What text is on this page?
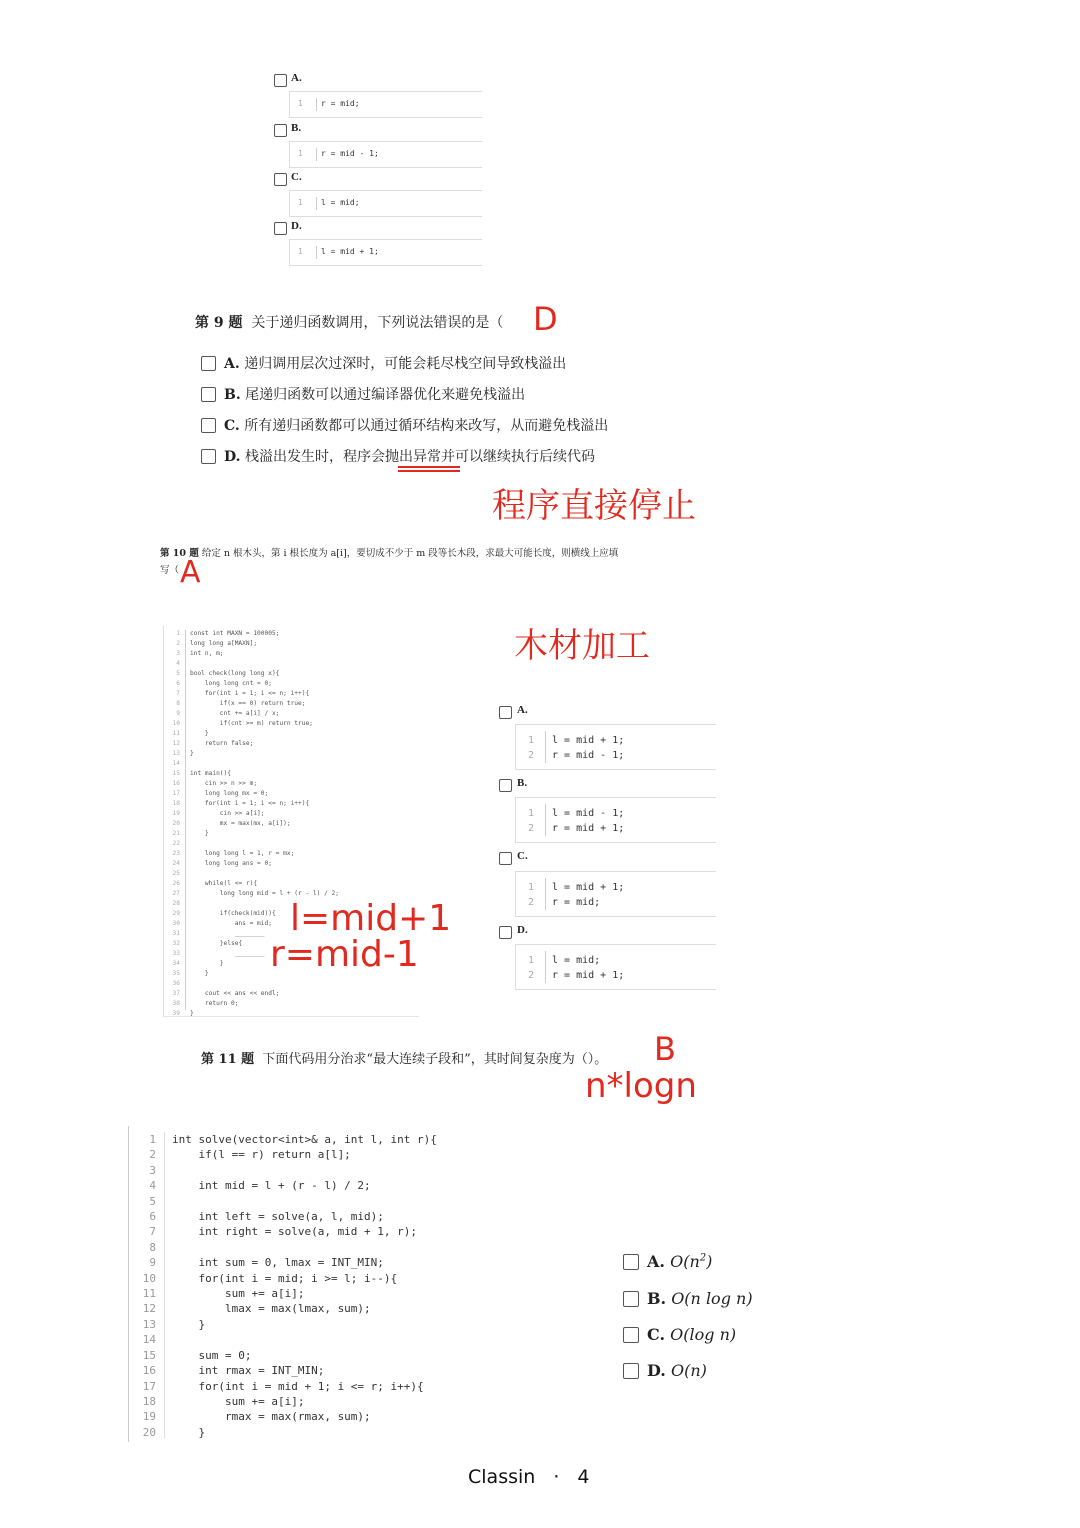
A.
1 r = mid;
B.
1 r = mid - 1;
C.
1 l = mid;
D.
1 l = mid + 1;
第 9 题 关于递归函数调用，下列说法错误的是（ D
A. 递归调用层次过深时，可能会耗尽栈空间导致栈溢出
B. 尾递归函数可以通过编译器优化来避免栈溢出
C. 所有递归函数都可以通过循环结构来改写，从而避免栈溢出
D. 栈溢出发生时，程序会抛出异常并可以继续执行后续代码
程序直接停止
第 10 题 给定 n 根木头，第 i 根长度为 a[i]，要切成不少于 m 段等长木段，求最大可能长度，则横线上应填
写（ A
1
2
3
4
5
6
7
8
9
10
11
12
13
14
15
16
17
18
19
20
21
22
23
24
25
26
27
28
29
30
31
32
33
34
35
36
37
38
39
const int MAXN = 100005;
long long a[MAXN];
int n, m;

bool check(long long x){
long long cnt = 0;
for(int i = 1; i <= n; i++){
if(x == 0) return true;
cnt += a[i] / x;
if(cnt >= m) return true;
}
return false;
}

int main(){
cin >> n >> m;
long long mx = 0;
for(int i = 1; i <= n; i++){
cin >> a[i];
mx = max(mx, a[i]);
}

long long l = 1, r = mx;
long long ans = 0;

while(l <= r){
long long mid = l + (r - l) / 2;

if(check(mid)){
ans = mid;
________
}else{
________
}
}

cout << ans << endl;
return 0;
}
木材加工
l=mid+1
r=mid-1
A.
1
2
l = mid + 1;
r = mid - 1;
B.
1
2
l = mid - 1;
r = mid + 1;
C.
1
2
l = mid + 1;
r = mid;
D.
1
2
l = mid;
r = mid + 1;
第 11 题 下面代码用分治求“最大连续子段和”，其时间复杂度为（）。 B
n*logn
1
2
3
4
5
6
7
8
9
10
11
12
13
14
15
16
17
18
19
20
int solve(vector<int>& a, int l, int r){
if(l == r) return a[l];

int mid = l + (r - l) / 2;

int left = solve(a, l, mid);
int right = solve(a, mid + 1, r);

int sum = 0, lmax = INT_MIN;
for(int i = mid; i >= l; i--){
sum += a[i];
lmax = max(lmax, sum);
}

sum = 0;
int rmax = INT_MIN;
for(int i = mid + 1; i <= r; i++){
sum += a[i];
rmax = max(rmax, sum);
}
A. $O(n^2)$
B. O(n log n)
C. O(log n)
D. O(n)
Classin · 4
